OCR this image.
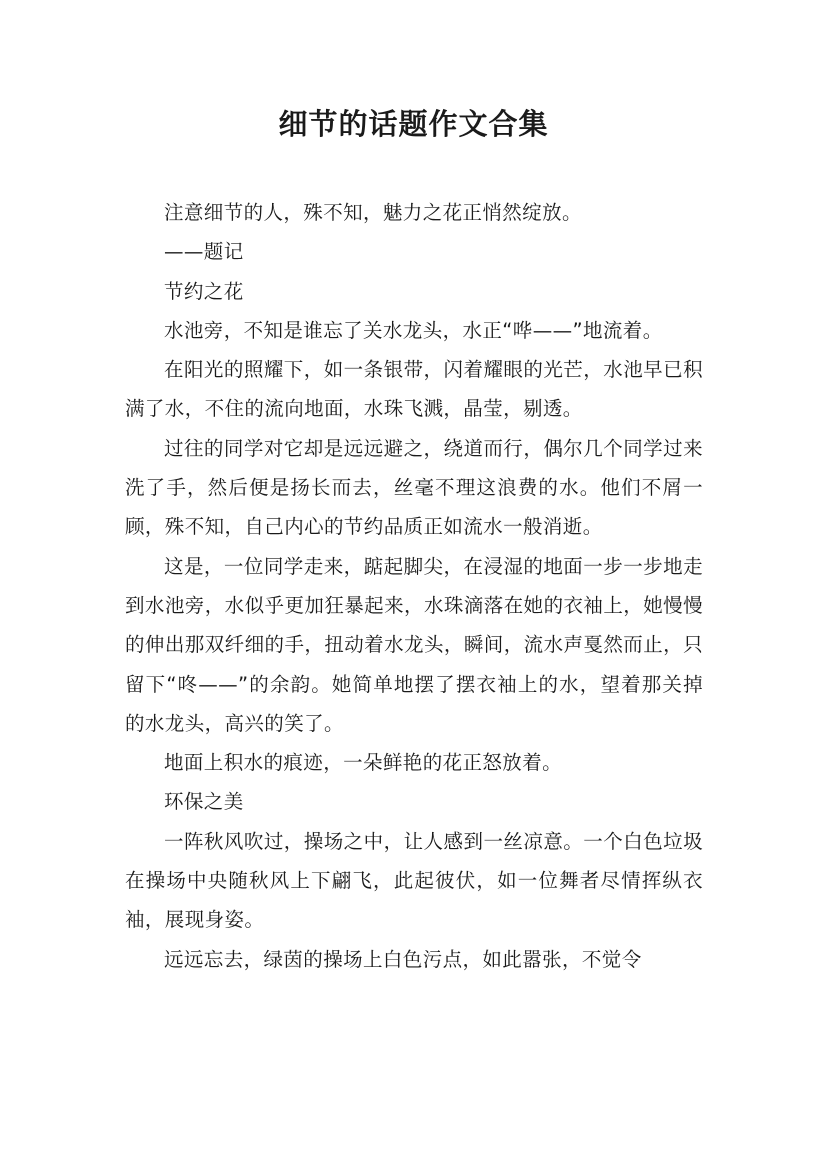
细节的话题作文合集

注意细节的人，殊不知，魅力之花正悄然绽放。

——题记

节约之花

水池旁，不知是谁忘了关水龙头，水正“哗——”地流着。

在阳光的照耀下，如一条银带，闪着耀眼的光芒，水池早已积满了水，不住的流向地面，水珠飞溅，晶莹，剔透。

过往的同学对它却是远远避之，绕道而行，偶尔几个同学过来洗了手，然后便是扬长而去，丝毫不理这浪费的水。他们不屑一顾，殊不知，自己内心的节约品质正如流水一般消逝。

这是，一位同学走来，踮起脚尖，在浸湿的地面一步一步地走到水池旁，水似乎更加狂暴起来，水珠滴落在她的衣袖上，她慢慢的伸出那双纤细的手，扭动着水龙头，瞬间，流水声戛然而止，只留下“咚——”的余韵。她简单地摆了摆衣袖上的水，望着那关掉的水龙头，高兴的笑了。

地面上积水的痕迹，一朵鲜艳的花正怒放着。

环保之美

一阵秋风吹过，操场之中，让人感到一丝凉意。一个白色垃圾在操场中央随秋风上下翩飞，此起彼伏，如一位舞者尽情挥纵衣袖，展现身姿。

远远忘去，绿茵的操场上白色污点，如此嚣张，不觉令
